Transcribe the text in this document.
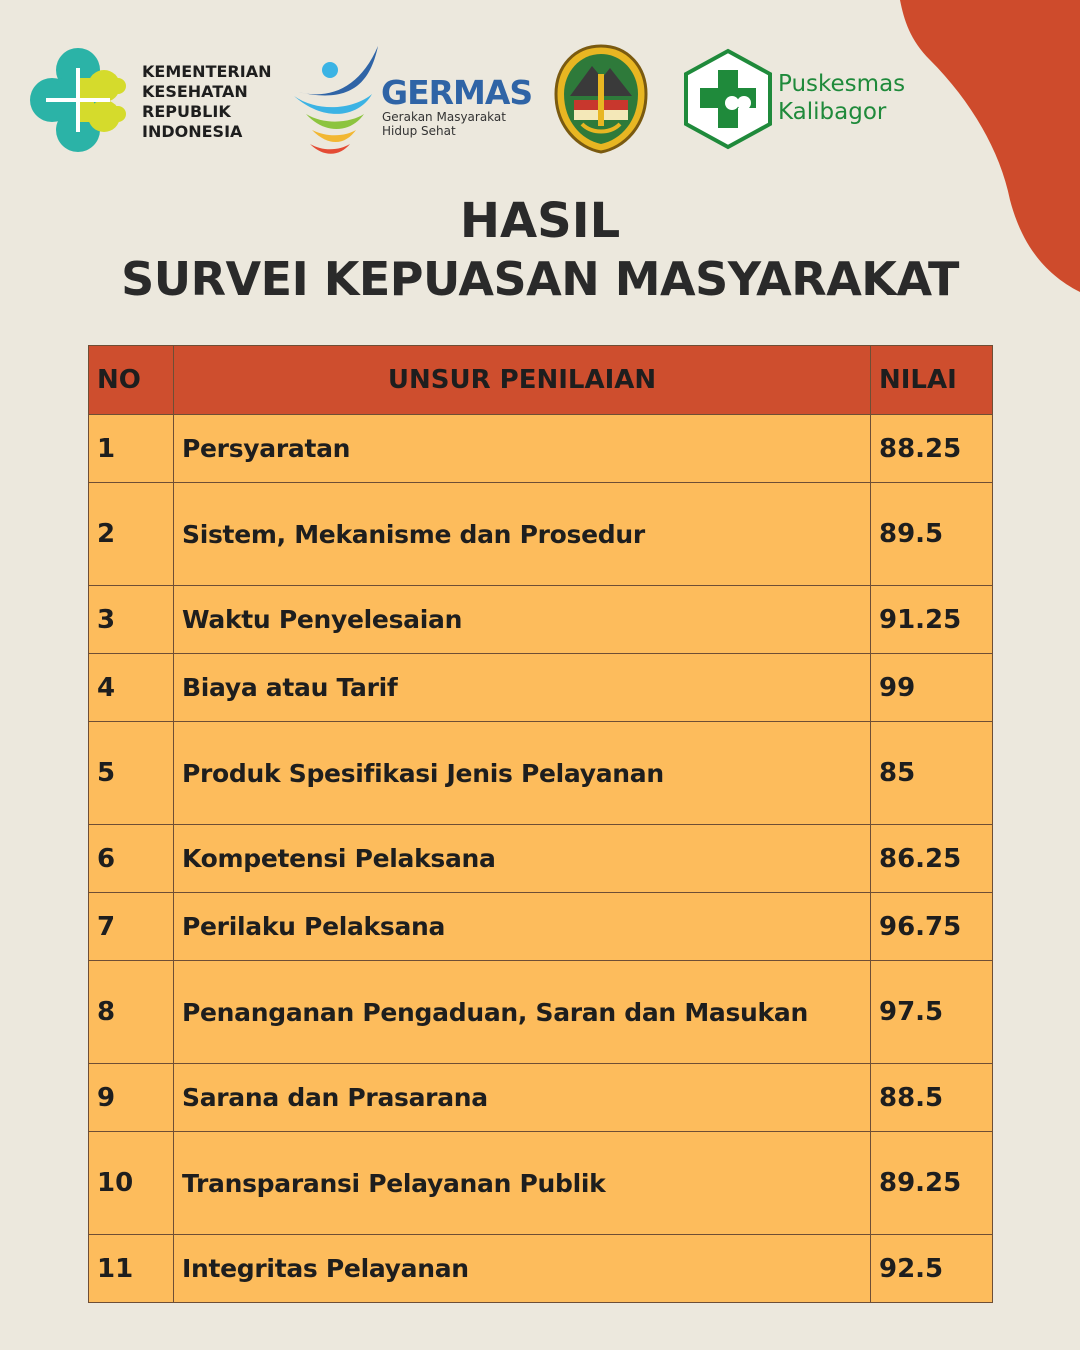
KEMENTERIAN
KESEHATAN
REPUBLIK
INDONESIA
GERMAS
Gerakan Masyarakat
Hidup Sehat
Puskesmas
Kalibagor
HASIL
SURVEI KEPUASAN MASYARAKAT
NO	UNSUR PENILAIAN	NILAI
1	Persyaratan	88.25
2	Sistem, Mekanisme dan Prosedur	89.5
3	Waktu Penyelesaian	91.25
4	Biaya atau Tarif	99
5	Produk Spesifikasi Jenis Pelayanan	85
6	Kompetensi Pelaksana	86.25
7	Perilaku Pelaksana	96.75
8	Penanganan Pengaduan, Saran dan Masukan	97.5
9	Sarana dan Prasarana	88.5
10	Transparansi Pelayanan Publik	89.25
11	Integritas Pelayanan	92.5
